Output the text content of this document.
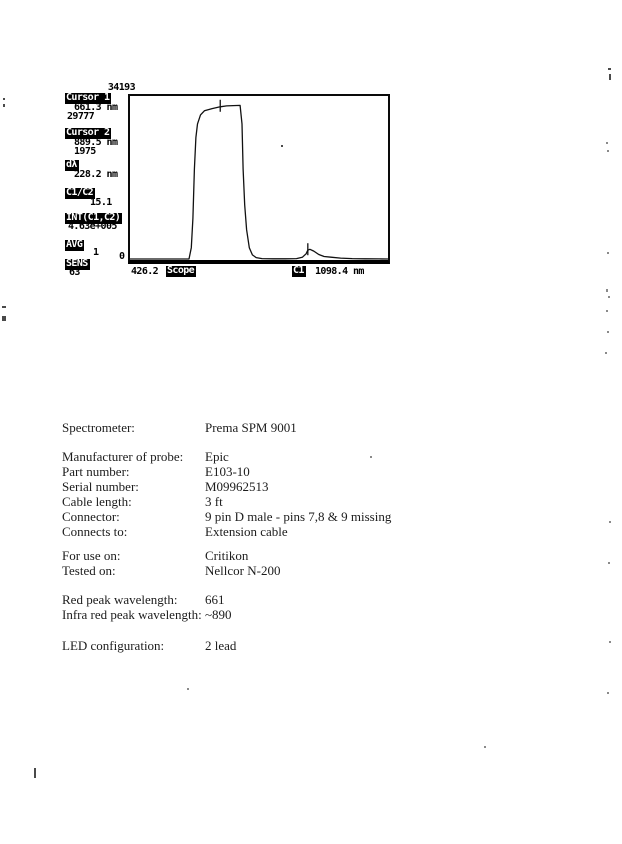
34193
Cursor 1
661.3 nm
29777
Cursor 2
889.5 nm
1975
dλ
228.2 nm
C1/C2
15.1
INT(C1,C2)
4.63e+005
AVG
1
SENS
63
0
426.2 Scope	C1 1098.4 nm
Spectrometer:	Prema SPM 9001
Manufacturer of probe: Epic
Part number:	E103-10
Serial number:	M09962513
Cable length:	3 ft
Connector:	9 pin D male - pins 7,8 & 9 missing
Connects to:	Extension cable
For use on:	Critikon
Tested on:	Nellcor N-200
Red peak wavelength: 661
Infra red peak wavelength: ~890
LED configuration:	2 lead
